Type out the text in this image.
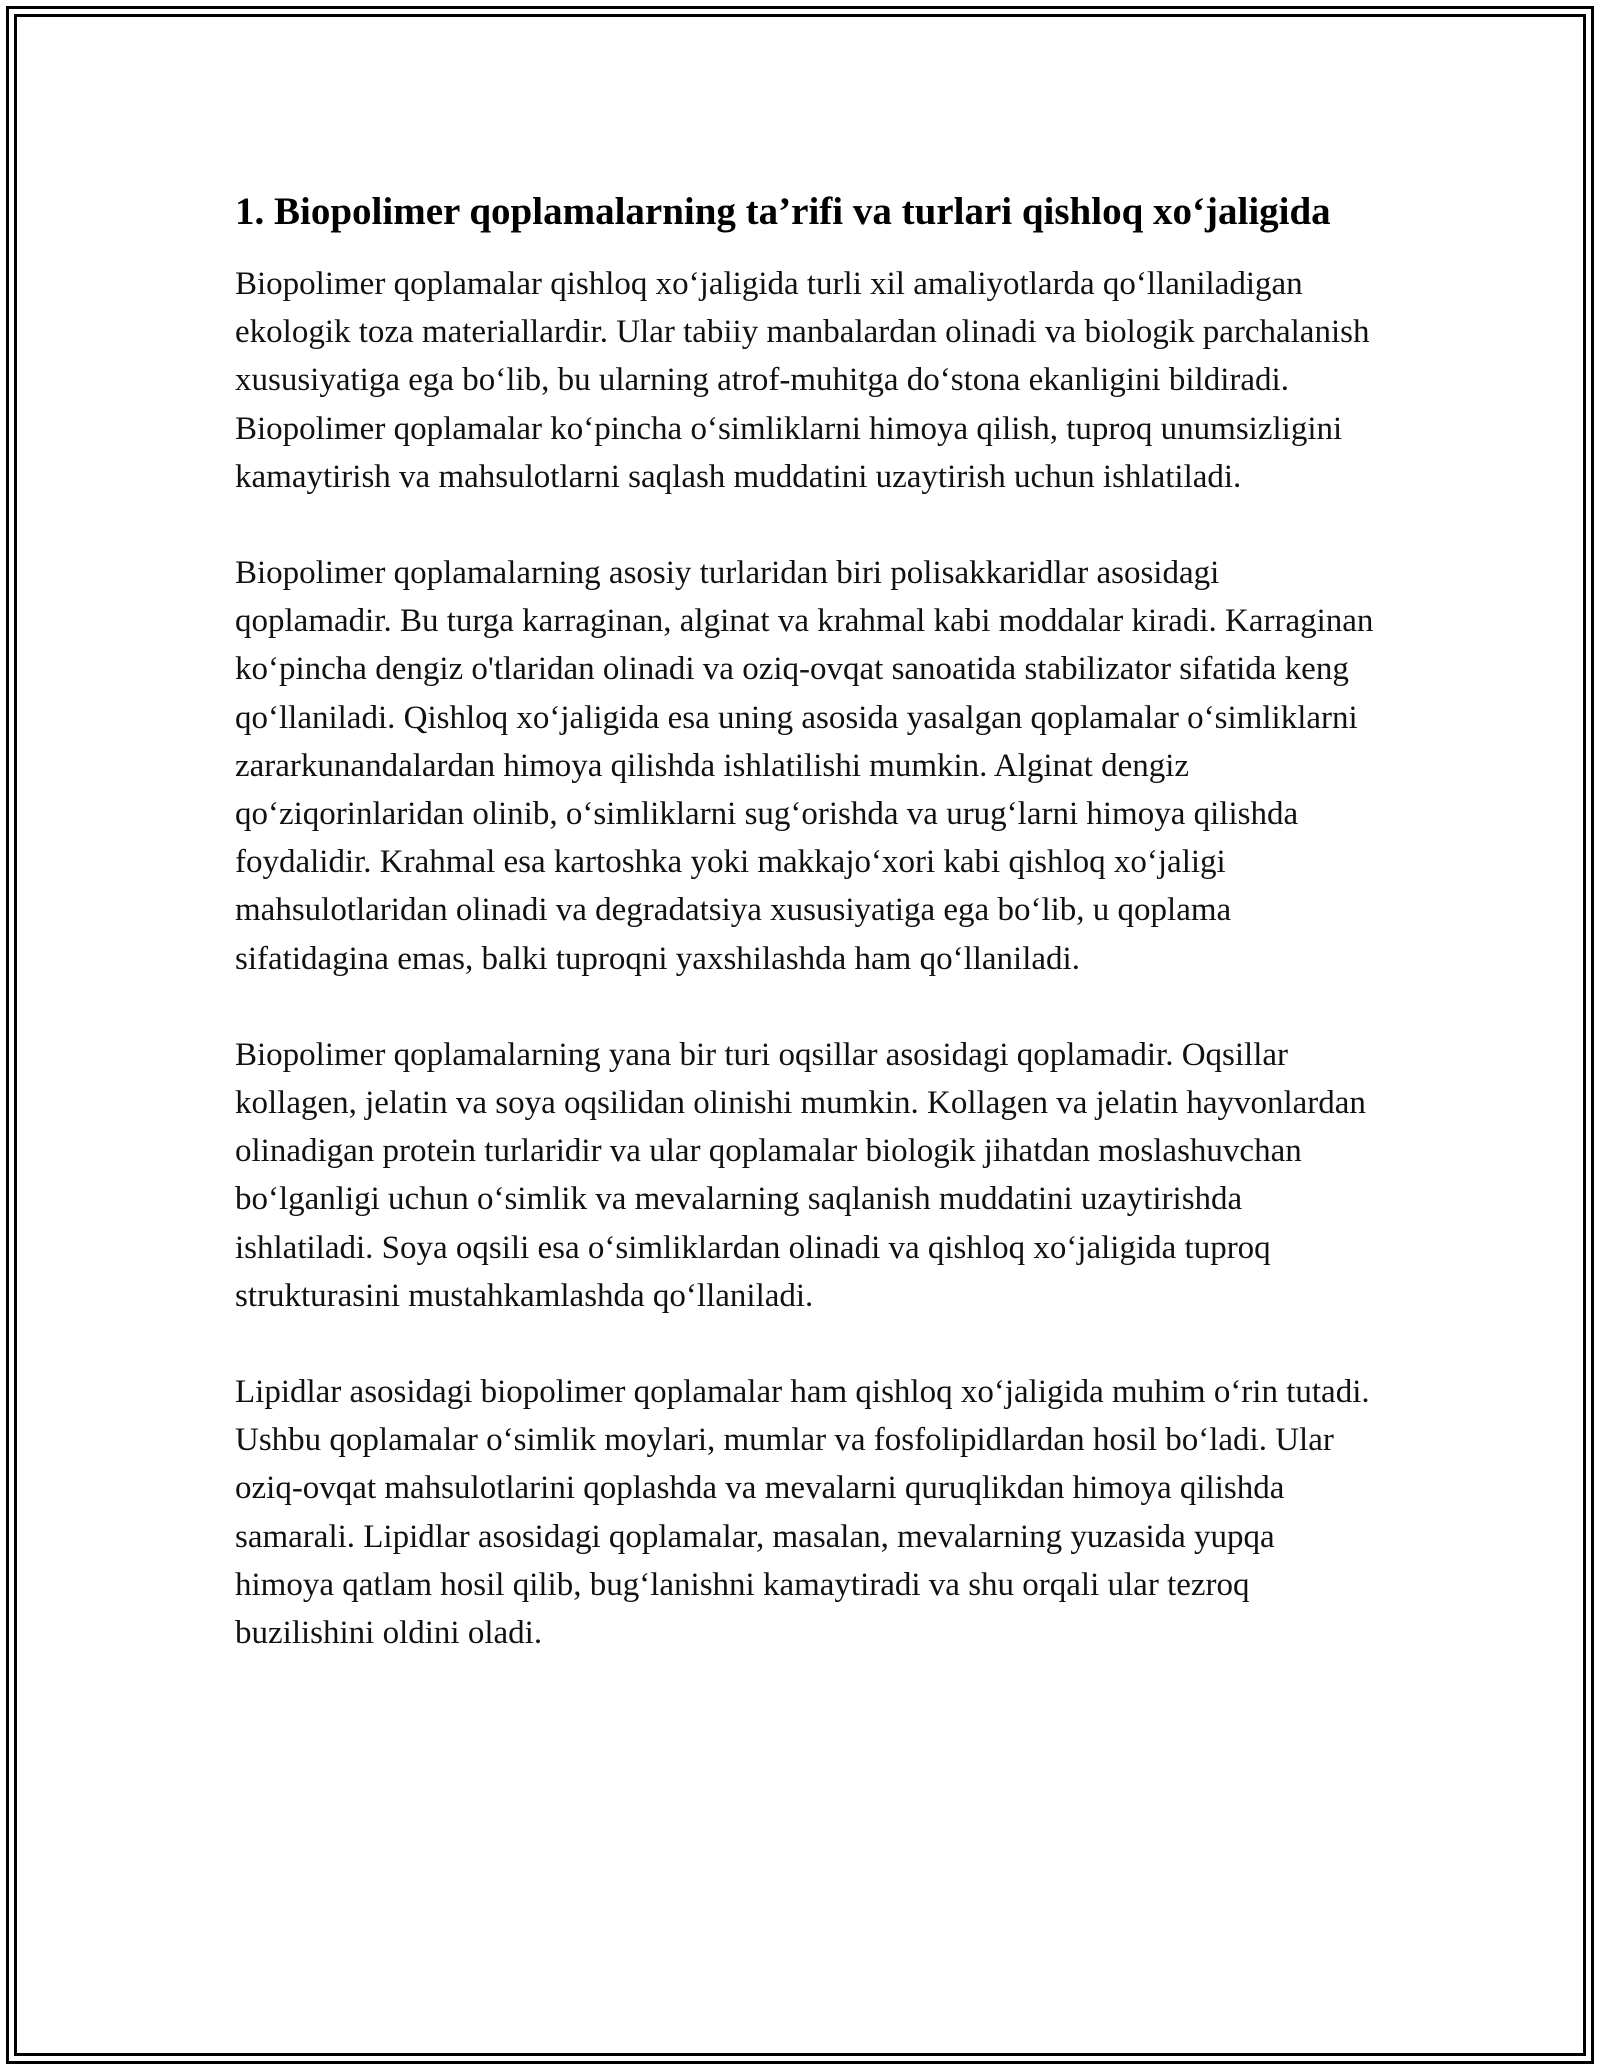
1. Biopolimer qoplamalarning ta’rifi va turlari qishloq xo‘jaligida

Biopolimer qoplamalar qishloq xo‘jaligida turli xil amaliyotlarda qo‘llaniladigan ekologik toza materiallardir. Ular tabiiy manbalardan olinadi va biologik parchalanish xususiyatiga ega bo‘lib, bu ularning atrof-muhitga do‘stona ekanligini bildiradi. Biopolimer qoplamalar ko‘pincha o‘simliklarni himoya qilish, tuproq unumsizligini kamaytirish va mahsulotlarni saqlash muddatini uzaytirish uchun ishlatiladi.

Biopolimer qoplamalarning asosiy turlaridan biri polisakkaridlar asosidagi qoplamadir. Bu turga karraginan, alginat va krahmal kabi moddalar kiradi. Karraginan ko‘pincha dengiz o'tlaridan olinadi va oziq-ovqat sanoatida stabilizator sifatida keng qo‘llaniladi. Qishloq xo‘jaligida esa uning asosida yasalgan qoplamalar o‘simliklarni zararkunandalardan himoya qilishda ishlatilishi mumkin. Alginat dengiz qo‘ziqorinlaridan olinib, o‘simliklarni sug‘orishda va urug‘larni himoya qilishda foydalidir. Krahmal esa kartoshka yoki makkajo‘xori kabi qishloq xo‘jaligi mahsulotlaridan olinadi va degradatsiya xususiyatiga ega bo‘lib, u qoplama sifatidagina emas, balki tuproqni yaxshilashda ham qo‘llaniladi.

Biopolimer qoplamalarning yana bir turi oqsillar asosidagi qoplamadir. Oqsillar kollagen, jelatin va soya oqsilidan olinishi mumkin. Kollagen va jelatin hayvonlardan olinadigan protein turlaridir va ular qoplamalar biologik jihatdan moslashuvchan bo‘lganligi uchun o‘simlik va mevalarning saqlanish muddatini uzaytirishda ishlatiladi. Soya oqsili esa o‘simliklardan olinadi va qishloq xo‘jaligida tuproq strukturasini mustahkamlashda qo‘llaniladi.

Lipidlar asosidagi biopolimer qoplamalar ham qishloq xo‘jaligida muhim o‘rin tutadi. Ushbu qoplamalar o‘simlik moylari, mumlar va fosfolipidlardan hosil bo‘ladi. Ular oziq-ovqat mahsulotlarini qoplashda va mevalarni quruqlikdan himoya qilishda samarali. Lipidlar asosidagi qoplamalar, masalan, mevalarning yuzasida yupqa himoya qatlam hosil qilib, bug‘lanishni kamaytiradi va shu orqali ular tezroq buzilishini oldini oladi.
